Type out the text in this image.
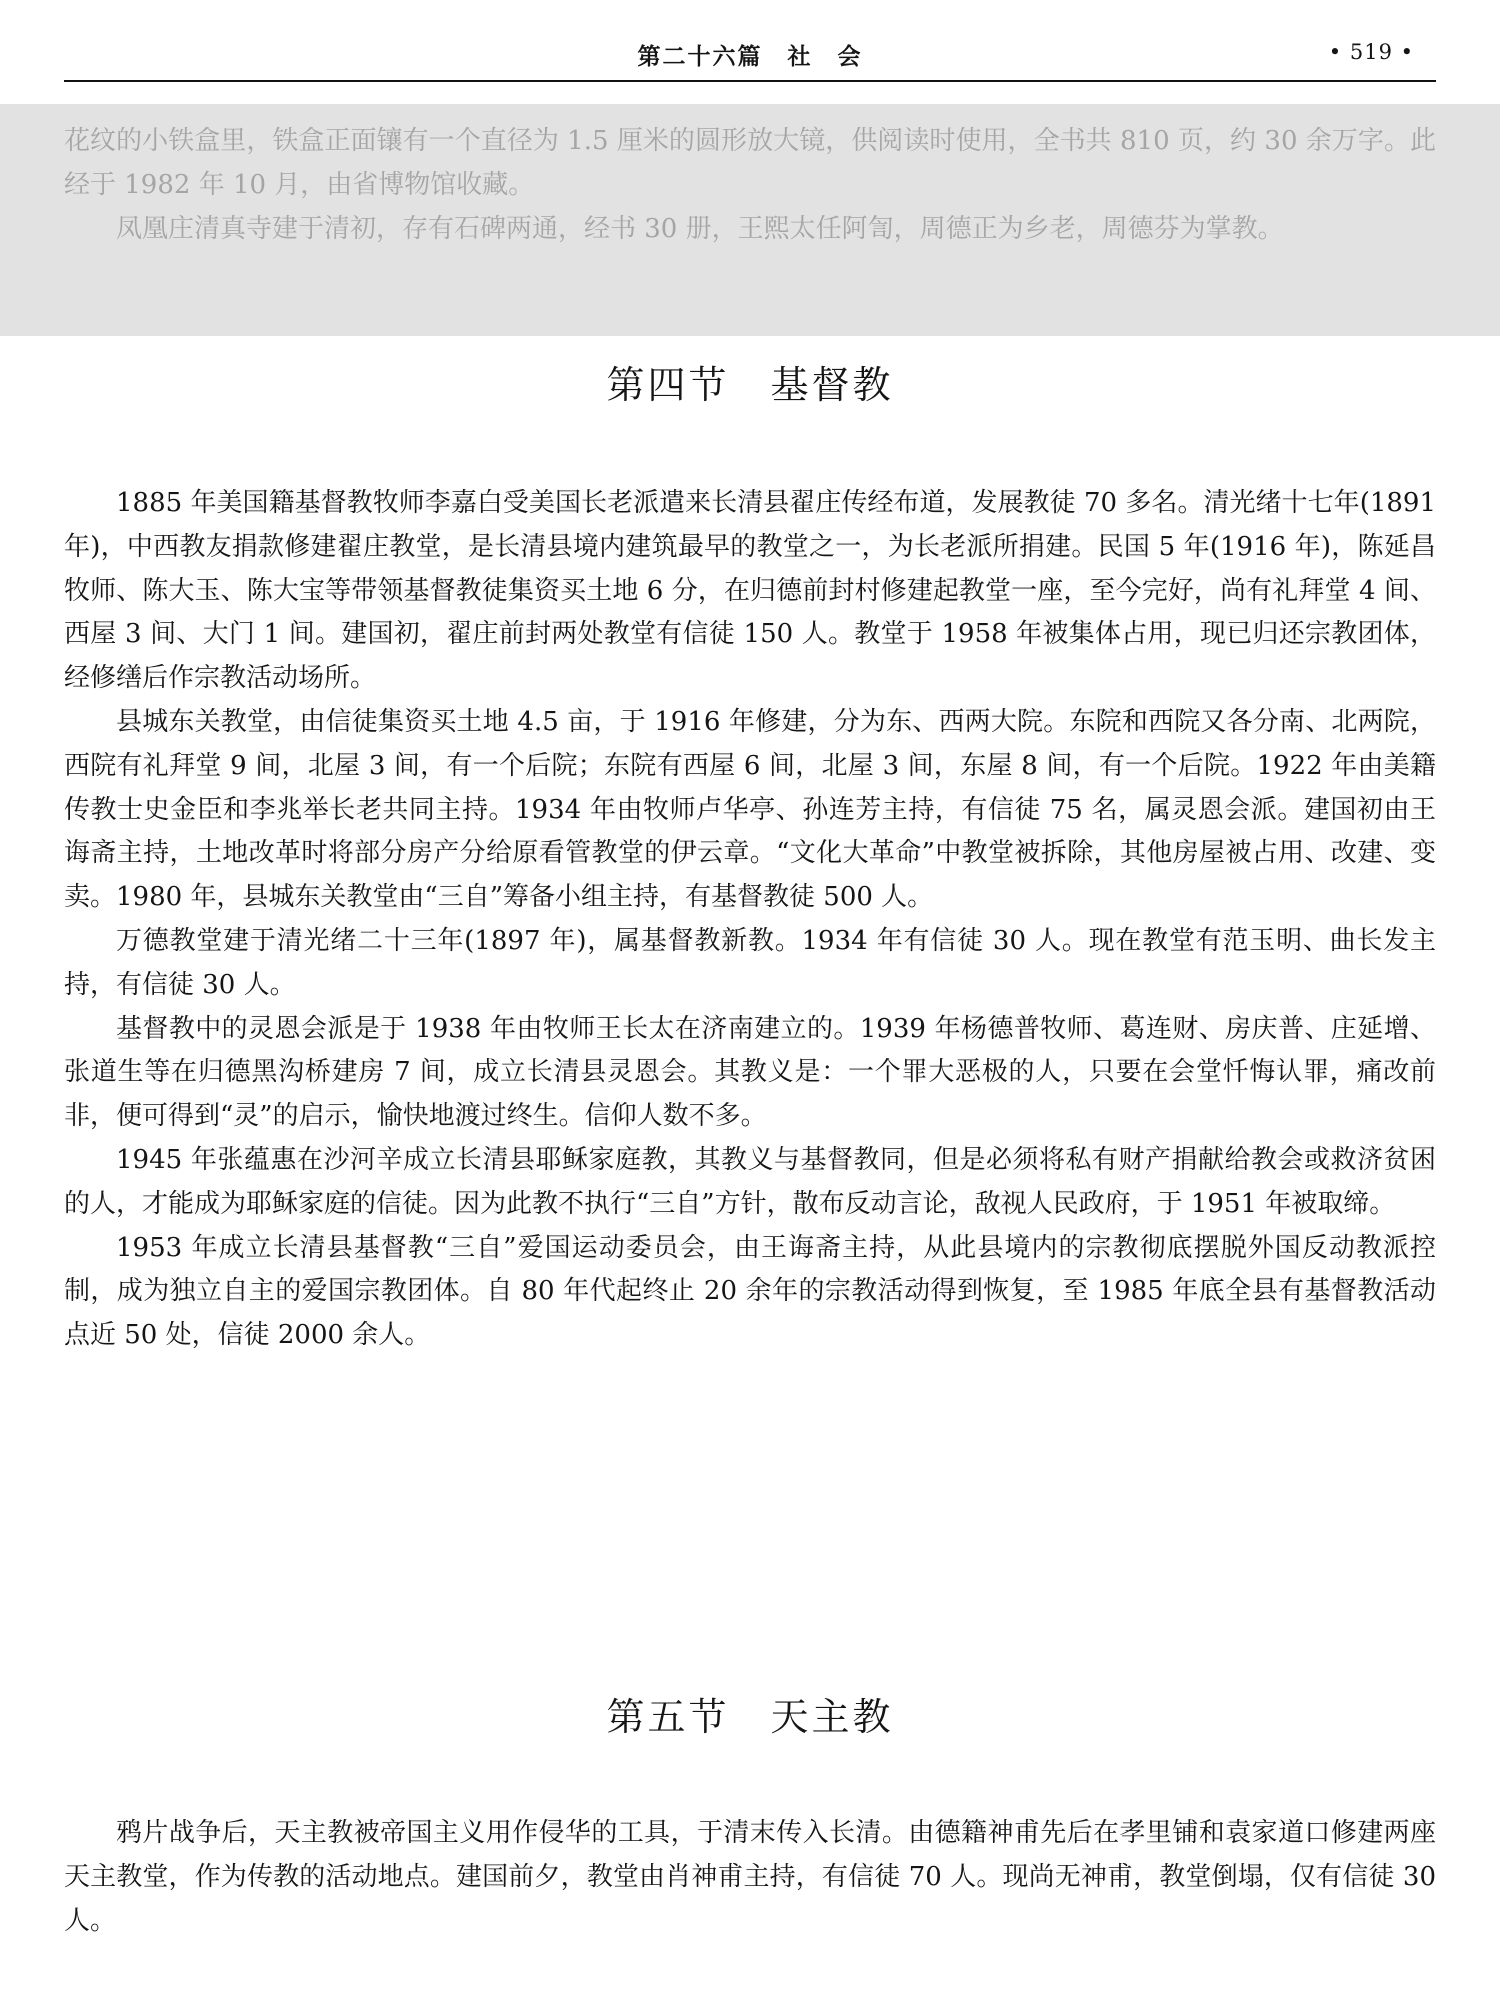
第二十六篇　社　会	• 519 •

花纹的小铁盒里，铁盒正面镶有一个直径为 1.5 厘米的圆形放大镜，供阅读时使用，全书共 810 页，约 30 余万字。此经于 1982 年 10 月，由省博物馆收藏。

凤凰庄清真寺建于清初，存有石碑两通，经书 30 册，王熙太任阿訇，周德正为乡老，周德芬为掌教。

第四节　基督教

1885 年美国籍基督教牧师李嘉白受美国长老派遣来长清县翟庄传经布道，发展教徒 70 多名。清光绪十七年(1891 年)，中西教友捐款修建翟庄教堂，是长清县境内建筑最早的教堂之一，为长老派所捐建。民国 5 年(1916 年)，陈延昌牧师、陈大玉、陈大宝等带领基督教徒集资买土地 6 分，在归德前封村修建起教堂一座，至今完好，尚有礼拜堂 4 间、西屋 3 间、大门 1 间。建国初，翟庄前封两处教堂有信徒 150 人。教堂于 1958 年被集体占用，现已归还宗教团体，经修缮后作宗教活动场所。

县城东关教堂，由信徒集资买土地 4.5 亩，于 1916 年修建，分为东、西两大院。东院和西院又各分南、北两院，西院有礼拜堂 9 间，北屋 3 间，有一个后院；东院有西屋 6 间，北屋 3 间，东屋 8 间，有一个后院。1922 年由美籍传教士史金臣和李兆举长老共同主持。1934 年由牧师卢华亭、孙连芳主持，有信徒 75 名，属灵恩会派。建国初由王诲斋主持，土地改革时将部分房产分给原看管教堂的伊云章。“文化大革命”中教堂被拆除，其他房屋被占用、改建、变卖。1980 年，县城东关教堂由“三自”筹备小组主持，有基督教徒 500 人。

万德教堂建于清光绪二十三年(1897 年)，属基督教新教。1934 年有信徒 30 人。现在教堂有范玉明、曲长发主持，有信徒 30 人。

基督教中的灵恩会派是于 1938 年由牧师王长太在济南建立的。1939 年杨德普牧师、葛连财、房庆普、庄延增、张道生等在归德黑沟桥建房 7 间，成立长清县灵恩会。其教义是：一个罪大恶极的人，只要在会堂忏悔认罪，痛改前非，便可得到“灵”的启示，愉快地渡过终生。信仰人数不多。

1945 年张蕴惠在沙河辛成立长清县耶稣家庭教，其教义与基督教同，但是必须将私有财产捐献给教会或救济贫困的人，才能成为耶稣家庭的信徒。因为此教不执行“三自”方针，散布反动言论，敌视人民政府，于 1951 年被取缔。

1953 年成立长清县基督教“三自”爱国运动委员会，由王诲斋主持，从此县境内的宗教彻底摆脱外国反动教派控制，成为独立自主的爱国宗教团体。自 80 年代起终止 20 余年的宗教活动得到恢复，至 1985 年底全县有基督教活动点近 50 处，信徒 2000 余人。

第五节　天主教

鸦片战争后，天主教被帝国主义用作侵华的工具，于清末传入长清。由德籍神甫先后在孝里铺和袁家道口修建两座天主教堂，作为传教的活动地点。建国前夕，教堂由肖神甫主持，有信徒 70 人。现尚无神甫，教堂倒塌，仅有信徒 30 人。
